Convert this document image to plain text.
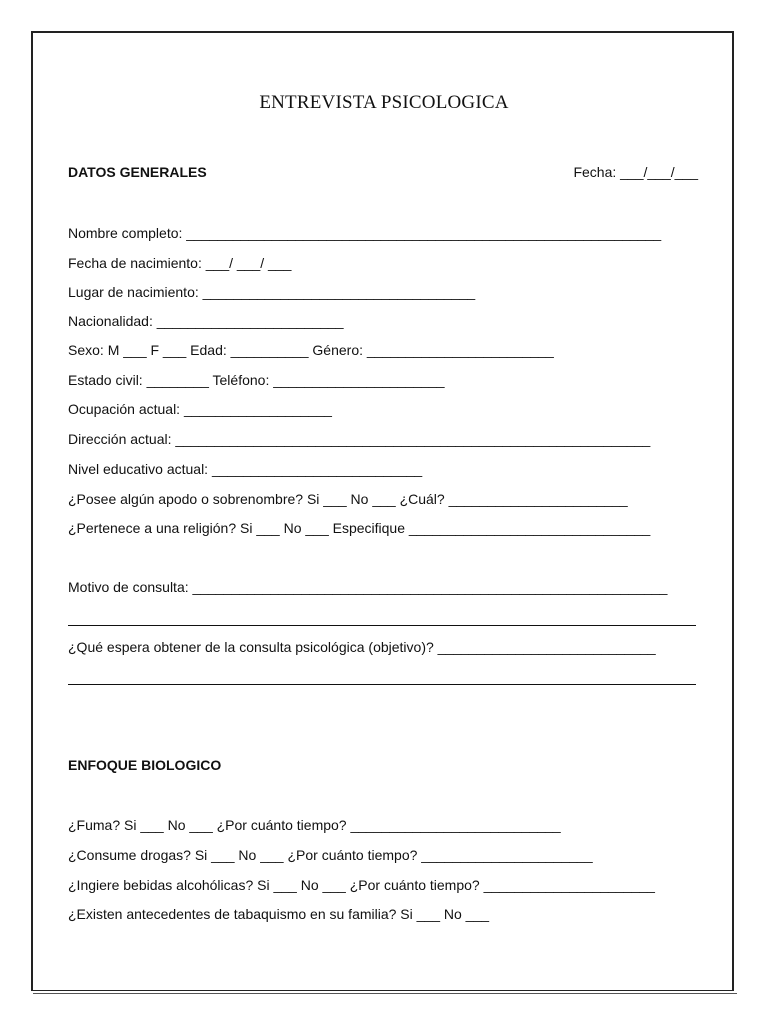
ENTREVISTA PSICOLOGICA
DATOS GENERALES	Fecha: ___/___/___
Nombre completo: _____________________________________________________________
Fecha de nacimiento: ___/ ___/ ___
Lugar de nacimiento: ___________________________________
Nacionalidad: ________________________
Sexo: M ___ F ___ Edad: __________ Género: ________________________
Estado civil: ________ Teléfono: ______________________
Ocupación actual: ___________________
Dirección actual: _____________________________________________________________
Nivel educativo actual: ___________________________
¿Posee algún apodo o sobrenombre? Si ___ No ___ ¿Cuál? _______________________
¿Pertenece a una religión? Si ___ No ___ Especifique _______________________________
Motivo de consulta: _____________________________________________________________
¿Qué espera obtener de la consulta psicológica (objetivo)? ____________________________
ENFOQUE BIOLOGICO
¿Fuma? Si ___ No ___ ¿Por cuánto tiempo? ___________________________
¿Consume drogas? Si ___ No ___ ¿Por cuánto tiempo? ______________________
¿Ingiere bebidas alcohólicas? Si ___ No ___ ¿Por cuánto tiempo? ______________________
¿Existen antecedentes de tabaquismo en su familia? Si ___ No ___
